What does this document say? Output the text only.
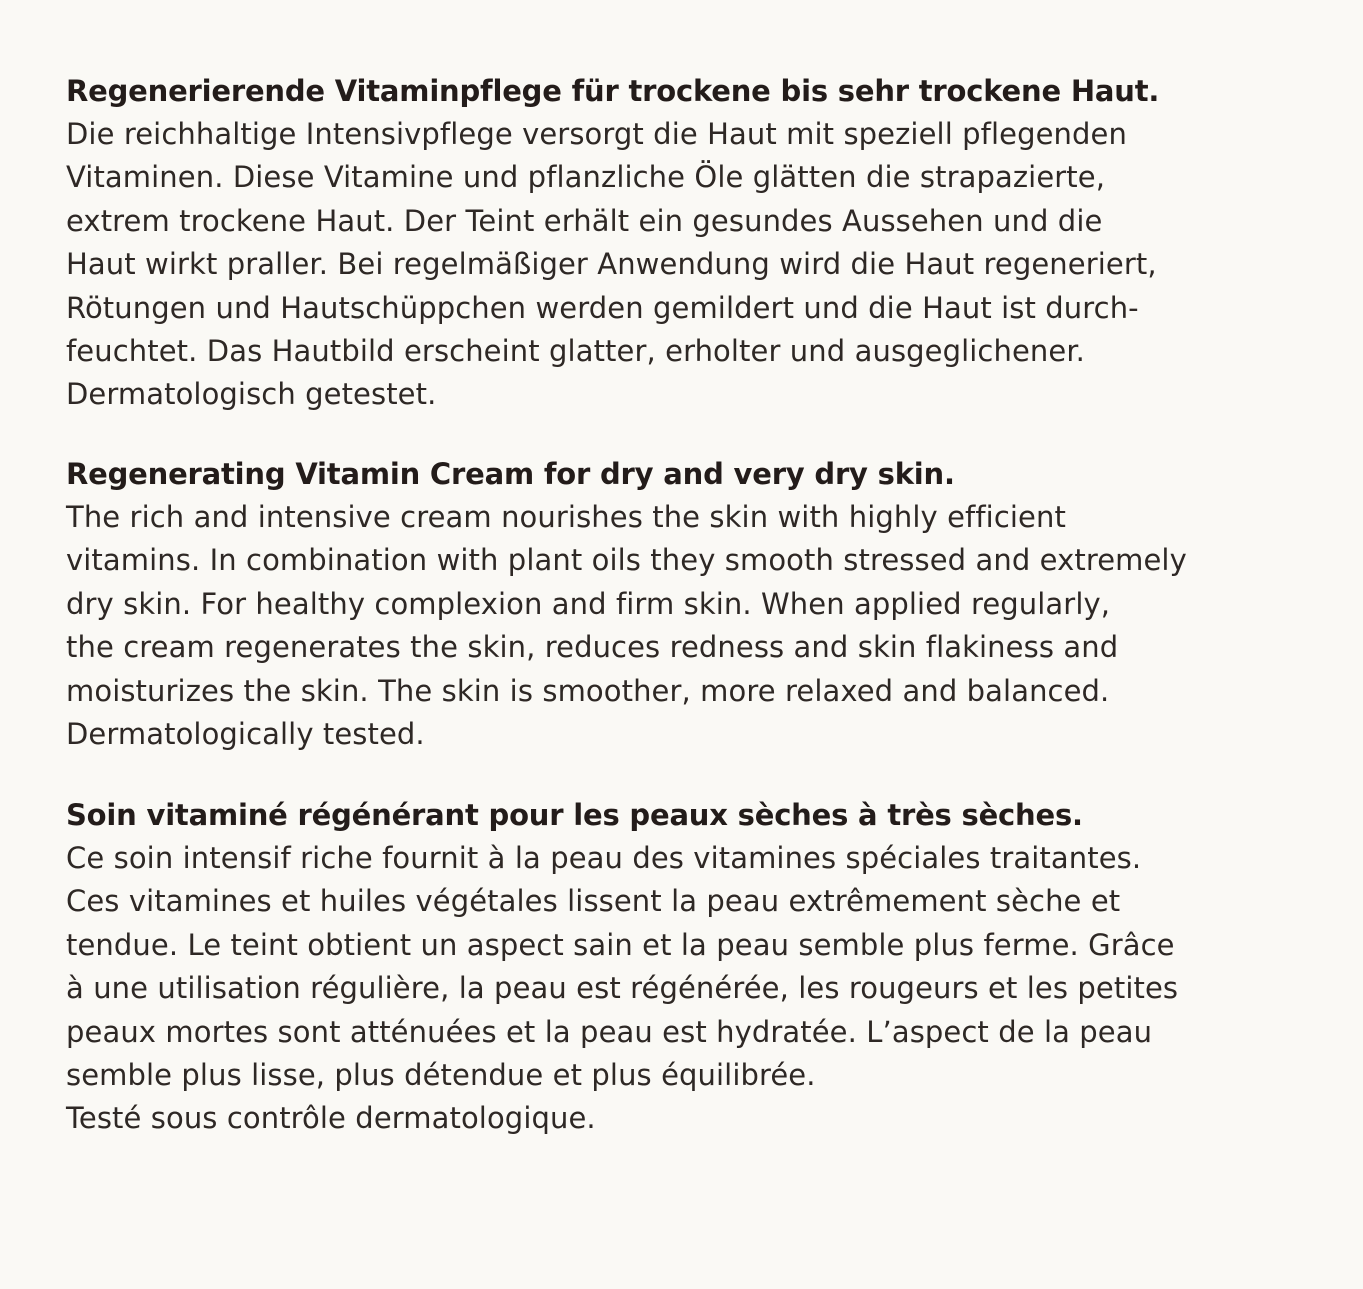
Regenerierende Vitaminpflege für trockene bis sehr trockene Haut.
Die reichhaltige Intensivpflege versorgt die Haut mit speziell pflegenden
Vitaminen. Diese Vitamine und pflanzliche Öle glätten die strapazierte,
extrem trockene Haut. Der Teint erhält ein gesundes Aussehen und die
Haut wirkt praller. Bei regelmäßiger Anwendung wird die Haut regeneriert,
Rötungen und Hautschüppchen werden gemildert und die Haut ist durch-
feuchtet. Das Hautbild erscheint glatter, erholter und ausgeglichener.
Dermatologisch getestet.
Regenerating Vitamin Cream for dry and very dry skin.
The rich and intensive cream nourishes the skin with highly efficient
vitamins. In combination with plant oils they smooth stressed and extremely
dry skin. For healthy complexion and firm skin. When applied regularly,
the cream regenerates the skin, reduces redness and skin flakiness and
moisturizes the skin. The skin is smoother, more relaxed and balanced.
Dermatologically tested.
Soin vitaminé régénérant pour les peaux sèches à très sèches.
Ce soin intensif riche fournit à la peau des vitamines spéciales traitantes.
Ces vitamines et huiles végétales lissent la peau extrêmement sèche et
tendue. Le teint obtient un aspect sain et la peau semble plus ferme. Grâce
à une utilisation régulière, la peau est régénérée, les rougeurs et les petites
peaux mortes sont atténuées et la peau est hydratée. L’aspect de la peau
semble plus lisse, plus détendue et plus équilibrée.
Testé sous contrôle dermatologique.
